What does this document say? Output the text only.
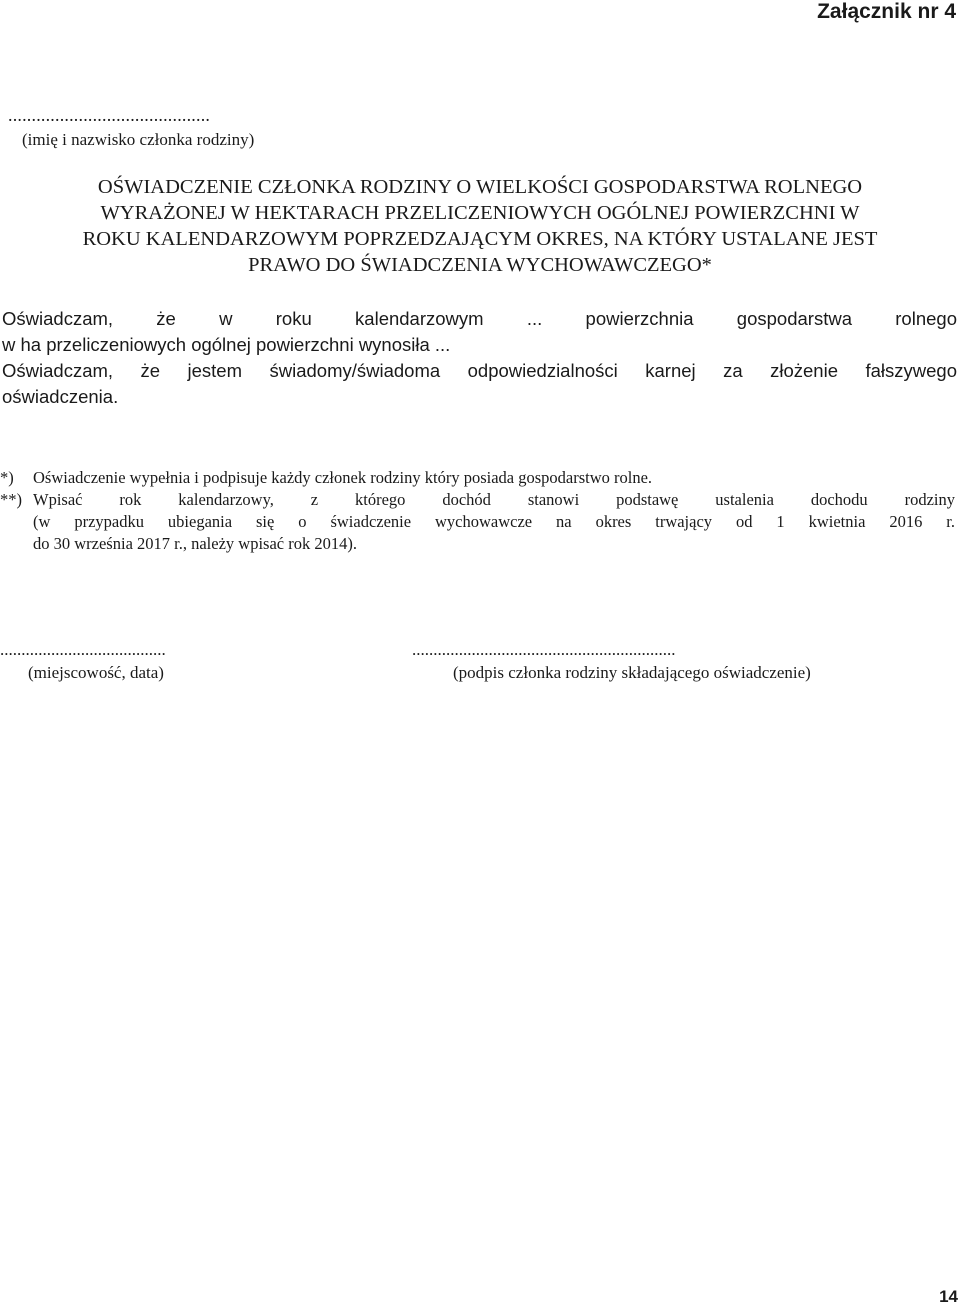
Załącznik nr 4
...........................................
(imię i nazwisko członka rodziny)
OŚWIADCZENIE CZŁONKA RODZINY O WIELKOŚCI GOSPODARSTWA ROLNEGO
WYRAŻONEJ W HEKTARACH PRZELICZENIOWYCH OGÓLNEJ POWIERZCHNI W
ROKU KALENDARZOWYM POPRZEDZAJĄCYM OKRES, NA KTÓRY USTALANE JEST
PRAWO DO ŚWIADCZENIA WYCHOWAWCZEGO*
Oświadczam, że w roku kalendarzowym ... powierzchnia gospodarstwa rolnego
w ha przeliczeniowych ogólnej powierzchni wynosiła ...
Oświadczam, że jestem świadomy/świadoma odpowiedzialności karnej za złożenie fałszywego
oświadczenia.
*) Oświadczenie wypełnia i podpisuje każdy członek rodziny który posiada gospodarstwo rolne.
**) Wpisać rok kalendarzowy, z którego dochód stanowi podstawę ustalenia dochodu rodziny
(w przypadku ubiegania się o świadczenie wychowawcze na okres trwający od 1 kwietnia 2016 r.
do 30 września 2017 r., należy wpisać rok 2014).
.......................................
(miejscowość, data)
..............................................................
(podpis członka rodziny składającego oświadczenie)
14
